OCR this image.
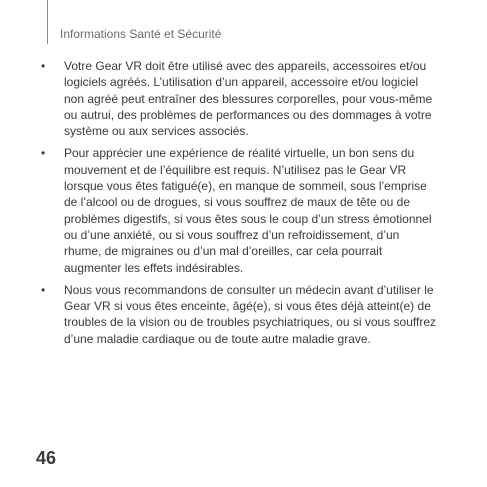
Informations Santé et Sécurité
• Votre Gear VR doit être utilisé avec des appareils, accessoires et/ou logiciels agréés. L’utilisation d’un appareil, accessoire et/ou logiciel non agréé peut entraîner des blessures corporelles, pour vous-même ou autrui, des problèmes de performances ou des dommages à votre système ou aux services associés.
• Pour apprécier une expérience de réalité virtuelle, un bon sens du mouvement et de l’équilibre est requis. N’utilisez pas le Gear VR lorsque vous êtes fatigué(e), en manque de sommeil, sous l’emprise de l’alcool ou de drogues, si vous souffrez de maux de tête ou de problèmes digestifs, si vous êtes sous le coup d’un stress émotionnel ou d’une anxiété, ou si vous souffrez d’un refroidissement, d’un rhume, de migraines ou d’un mal d’oreilles, car cela pourrait augmenter les effets indésirables.
• Nous vous recommandons de consulter un médecin avant d’utiliser le Gear VR si vous êtes enceinte, âgé(e), si vous êtes déjà atteint(e) de troubles de la vision ou de troubles psychiatriques, ou si vous souffrez d’une maladie cardiaque ou de toute autre maladie grave.
46
